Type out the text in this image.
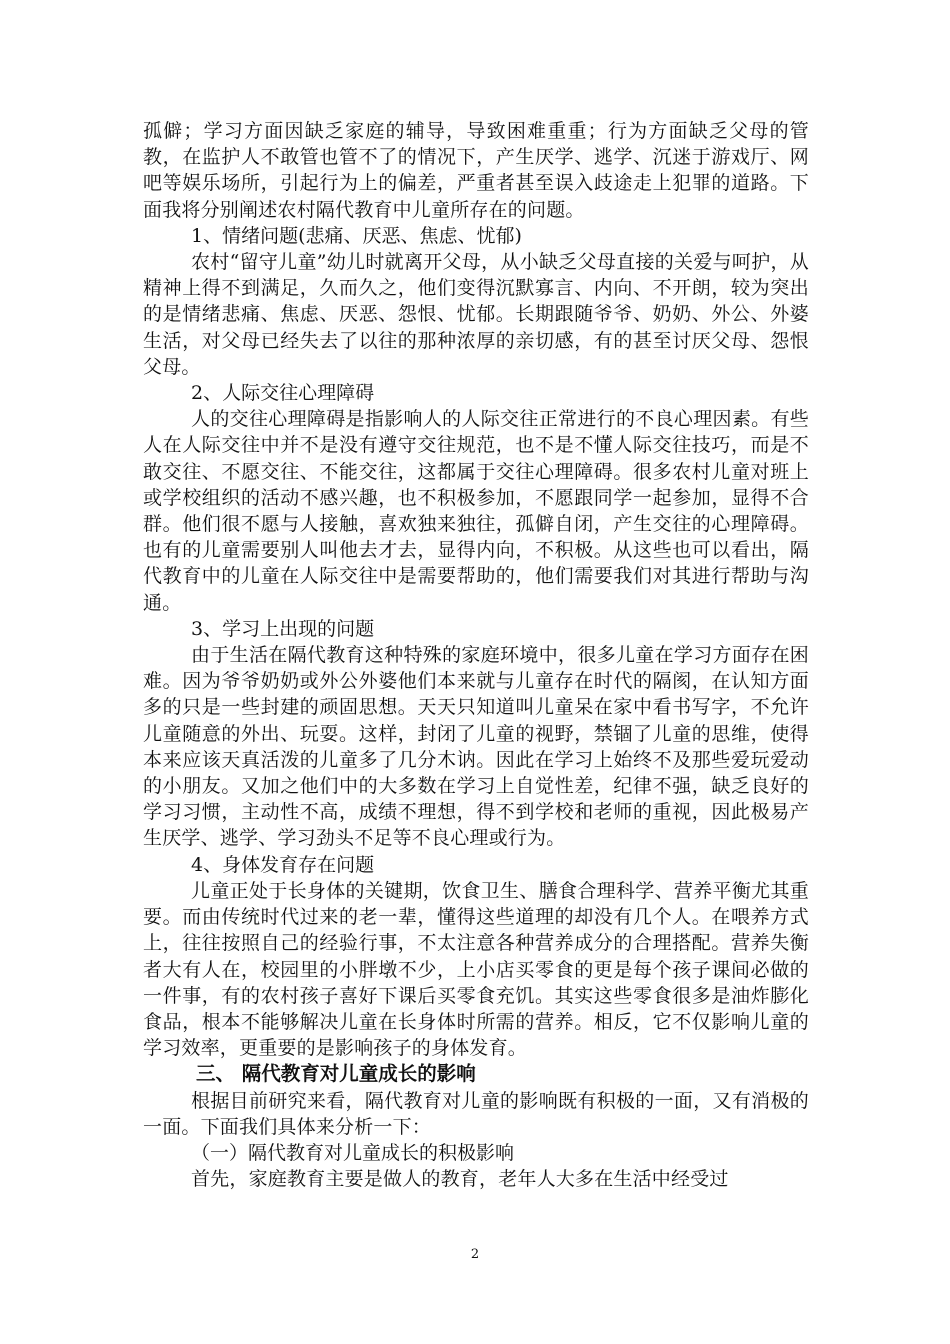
孤僻；学习方面因缺乏家庭的辅导，导致困难重重；行为方面缺乏父母的管教，在监护人不敢管也管不了的情况下，产生厌学、逃学、沉迷于游戏厅、网吧等娱乐场所，引起行为上的偏差，严重者甚至误入歧途走上犯罪的道路。下面我将分别阐述农村隔代教育中儿童所存在的问题。

1、情绪问题(悲痛、厌恶、焦虑、忧郁)

农村“留守儿童”幼儿时就离开父母，从小缺乏父母直接的关爱与呵护，从精神上得不到满足，久而久之，他们变得沉默寡言、内向、不开朗，较为突出的是情绪悲痛、焦虑、厌恶、怨恨、忧郁。长期跟随爷爷、奶奶、外公、外婆生活，对父母已经失去了以往的那种浓厚的亲切感，有的甚至讨厌父母、怨恨父母。

2、人际交往心理障碍

人的交往心理障碍是指影响人的人际交往正常进行的不良心理因素。有些人在人际交往中并不是没有遵守交往规范，也不是不懂人际交往技巧，而是不敢交往、不愿交往、不能交往，这都属于交往心理障碍。很多农村儿童对班上或学校组织的活动不感兴趣，也不积极参加，不愿跟同学一起参加，显得不合群。他们很不愿与人接触，喜欢独来独往，孤僻自闭，产生交往的心理障碍。也有的儿童需要别人叫他去才去，显得内向，不积极。从这些也可以看出，隔代教育中的儿童在人际交往中是需要帮助的，他们需要我们对其进行帮助与沟通。

3、学习上出现的问题

由于生活在隔代教育这种特殊的家庭环境中，很多儿童在学习方面存在困难。因为爷爷奶奶或外公外婆他们本来就与儿童存在时代的隔阂，在认知方面多的只是一些封建的顽固思想。天天只知道叫儿童呆在家中看书写字，不允许儿童随意的外出、玩耍。这样，封闭了儿童的视野，禁锢了儿童的思维，使得本来应该天真活泼的儿童多了几分木讷。因此在学习上始终不及那些爱玩爱动的小朋友。又加之他们中的大多数在学习上自觉性差，纪律不强，缺乏良好的学习习惯，主动性不高，成绩不理想，得不到学校和老师的重视，因此极易产生厌学、逃学、学习劲头不足等不良心理或行为。

4、身体发育存在问题

儿童正处于长身体的关键期，饮食卫生、膳食合理科学、营养平衡尤其重要。而由传统时代过来的老一辈，懂得这些道理的却没有几个人。在喂养方式上，往往按照自己的经验行事，不太注意各种营养成分的合理搭配。营养失衡者大有人在，校园里的小胖墩不少，上小店买零食的更是每个孩子课间必做的一件事，有的农村孩子喜好下课后买零食充饥。其实这些零食很多是油炸膨化食品，根本不能够解决儿童在长身体时所需的营养。相反，它不仅影响儿童的学习效率，更重要的是影响孩子的身体发育。

三、 隔代教育对儿童成长的影响

根据目前研究来看，隔代教育对儿童的影响既有积极的一面，又有消极的一面。下面我们具体来分析一下：

（一）隔代教育对儿童成长的积极影响

首先，家庭教育主要是做人的教育，老年人大多在生活中经受过

2
